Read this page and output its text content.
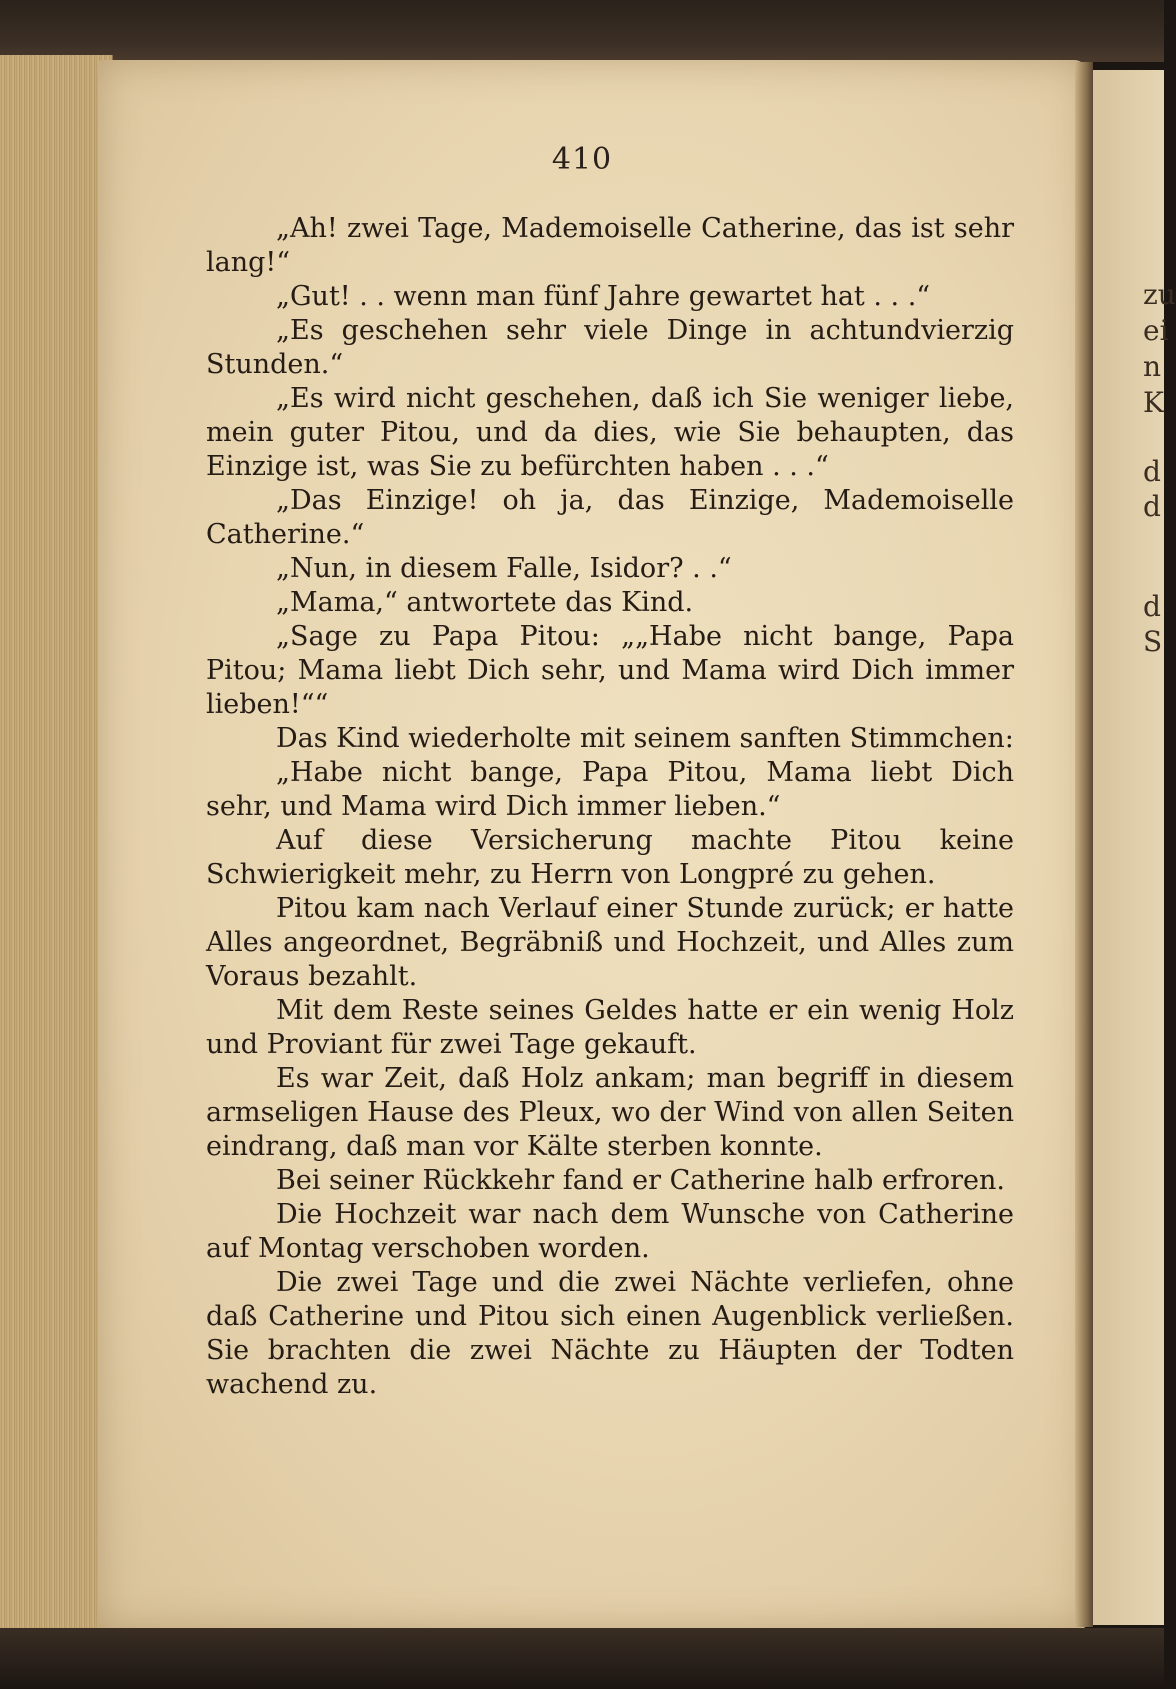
zu
ei
n
K
d
d
d
S
410

„Ah! zwei Tage, Mademoiselle Catherine, das ist sehr lang!“

„Gut! . . wenn man fünf Jahre gewartet hat . . .“

„Es geschehen sehr viele Dinge in achtundvierzig Stunden.“

„Es wird nicht geschehen, daß ich Sie weniger liebe, mein guter Pitou, und da dies, wie Sie behaupten, das Einzige ist, was Sie zu befürchten haben . . .“

„Das Einzige! oh ja, das Einzige, Mademoiselle Catherine.“

„Nun, in diesem Falle, Isidor? . .“

„Mama,“ antwortete das Kind.

„Sage zu Papa Pitou: „„Habe nicht bange, Papa Pitou; Mama liebt Dich sehr, und Mama wird Dich immer lieben!““

Das Kind wiederholte mit seinem sanften Stimmchen:

„Habe nicht bange, Papa Pitou, Mama liebt Dich sehr, und Mama wird Dich immer lieben.“

Auf diese Versicherung machte Pitou keine Schwierigkeit mehr, zu Herrn von Longpré zu gehen.

Pitou kam nach Verlauf einer Stunde zurück; er hatte Alles angeordnet, Begräbniß und Hochzeit, und Alles zum Voraus bezahlt.

Mit dem Reste seines Geldes hatte er ein wenig Holz und Proviant für zwei Tage gekauft.

Es war Zeit, daß Holz ankam; man begriff in diesem armseligen Hause des Pleux, wo der Wind von allen Seiten eindrang, daß man vor Kälte sterben konnte.

Bei seiner Rückkehr fand er Catherine halb erfroren.

Die Hochzeit war nach dem Wunsche von Catherine auf Montag verschoben worden.

Die zwei Tage und die zwei Nächte verliefen, ohne daß Catherine und Pitou sich einen Augenblick verließen. Sie brachten die zwei Nächte zu Häupten der Todten wachend zu.
